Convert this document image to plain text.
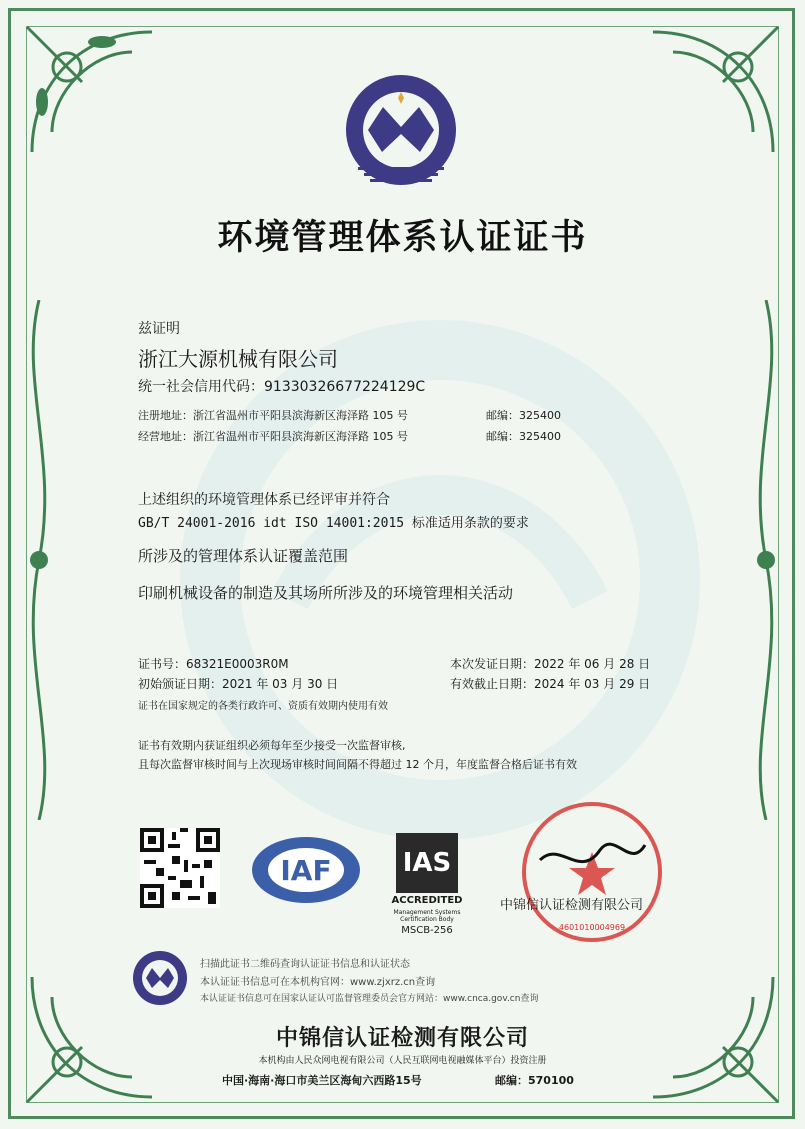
环境管理体系认证证书
兹证明
浙江大源机械有限公司
统一社会信用代码：91330326677224129C
注册地址：浙江省温州市平阳县滨海新区海泽路 105 号	邮编：325400
经营地址：浙江省温州市平阳县滨海新区海泽路 105 号	邮编：325400
上述组织的环境管理体系已经评审并符合
GB/T 24001-2016 idt ISO 14001:2015 标准适用条款的要求
所涉及的管理体系认证覆盖范围
印刷机械设备的制造及其场所所涉及的环境管理相关活动
证书号：68321E0003R0M	本次发证日期：2022 年 06 月 28 日
初始颁证日期：2021 年 03 月 30 日	有效截止日期：2024 年 03 月 29 日
证书在国家规定的各类行政许可、资质有效期内使用有效
证书有效期内获证组织必须每年至少接受一次监督审核,
且每次监督审核时间与上次现场审核时间间隔不得超过 12 个月，年度监督合格后证书有效
IAF	IAS
ACCREDITED
Management Systems
Certification Body
MSCB-256	4601010004969
中锦信认证检测有限公司
扫描此证书二维码查询认证证书信息和认证状态
本认证证书信息可在本机构官网：www.zjxrz.cn查询
本认证证书信息可在国家认证认可监督管理委员会官方网站：www.cnca.gov.cn查询
中锦信认证检测有限公司
本机构由人民众网电视有限公司（人民互联网电视融媒体平台）投资注册
中国·海南·海口市美兰区海甸六西路15号	邮编：570100
